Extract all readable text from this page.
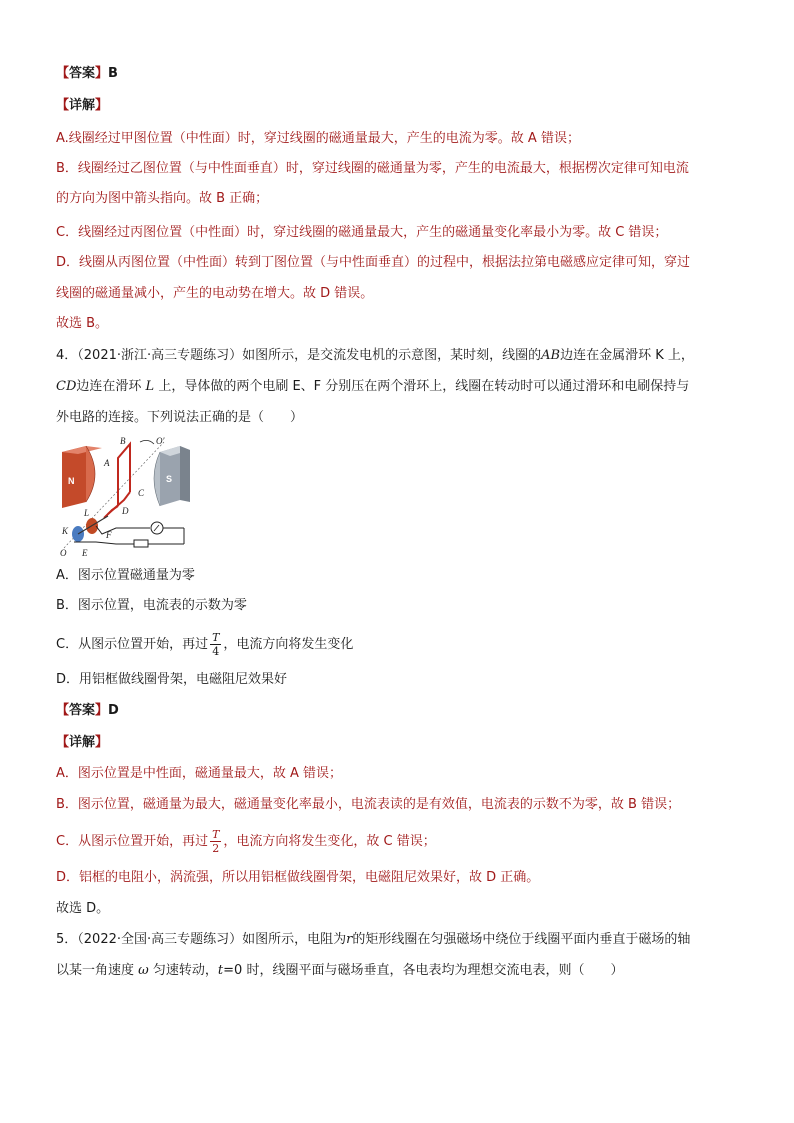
【答案】B
【详解】
A.线圈经过甲图位置（中性面）时，穿过线圈的磁通量最大，产生的电流为零。故 A 错误；
B．线圈经过乙图位置（与中性面垂直）时，穿过线圈的磁通量为零，产生的电流最大，根据楞次定律可知电流
的方向为图中箭头指向。故 B 正确；
C．线圈经过丙图位置（中性面）时，穿过线圈的磁通量最大，产生的磁通量变化率最小为零。故 C 错误；
D．线圈从丙图位置（中性面）转到丁图位置（与中性面垂直）的过程中，根据法拉第电磁感应定律可知，穿过
线圈的磁通量减小，产生的电动势在增大。故 D 错误。
故选 B。
4．（2021·浙江·高三专题练习）如图所示，是交流发电机的示意图，某时刻，线圈的AB边连在金属滑环 K 上，
CD边连在滑环 L 上，导体做的两个电刷 E、F 分别压在两个滑环上，线圈在转动时可以通过滑环和电刷保持与
外电路的连接。下列说法正确的是（　　）
N	S
B	O′
A
C
L	D
F
K
E
O
A．图示位置磁通量为零
B．图示位置，电流表的示数为零
C．从图示位置开始，再过 $\frac{T}{4}$ ，电流方向将发生变化
D．用铝框做线圈骨架，电磁阻尼效果好
【答案】D
【详解】
A．图示位置是中性面，磁通量最大，故 A 错误；
B．图示位置，磁通量为最大，磁通量变化率最小，电流表读的是有效值，电流表的示数不为零，故 B 错误；
C．从图示位置开始，再过 $\frac{T}{2}$ ，电流方向将发生变化，故 C 错误；
D．铝框的电阻小，涡流强，所以用铝框做线圈骨架，电磁阻尼效果好，故 D 正确。
故选 D。
5．（2022·全国·高三专题练习）如图所示，电阻为r的矩形线圈在匀强磁场中绕位于线圈平面内垂直于磁场的轴
以某一角速度 ω 匀速转动，t=0 时，线圈平面与磁场垂直，各电表均为理想交流电表，则（　　）
